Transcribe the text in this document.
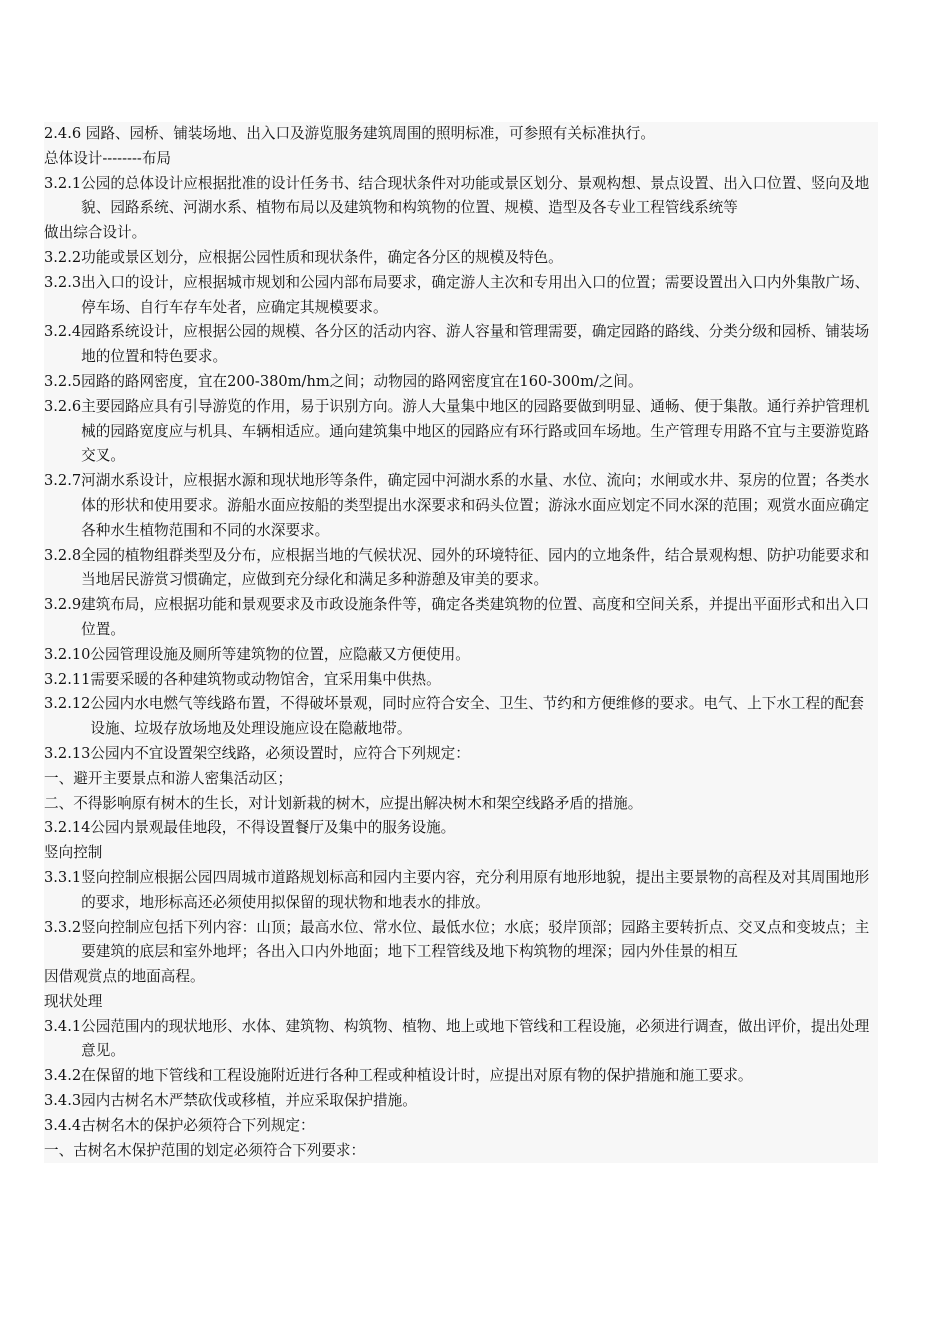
2.4.6 园路、园桥、铺装场地、出入口及游览服务建筑周围的照明标准，可参照有关标准执行。
总体设计--------布局
3.2.1 公园的总体设计应根据批准的设计任务书、结合现状条件对功能或景区划分、景观构想、景点设置、出入口位置、竖向及地貌、园路系统、河湖水系、植物布局以及建筑物和构筑物的位置、规模、造型及各专业工程管线系统等
做出综合设计。
3.2.2 功能或景区划分，应根据公园性质和现状条件，确定各分区的规模及特色。
3.2.3 出入口的设计，应根据城市规划和公园内部布局要求，确定游人主次和专用出入口的位置；需要设置出入口内外集散广场、停车场、自行车存车处者，应确定其规模要求。
3.2.4 园路系统设计，应根据公园的规模、各分区的活动内容、游人容量和管理需要，确定园路的路线、分类分级和园桥、铺装场地的位置和特色要求。
3.2.5 园路的路网密度，宜在200-380m/hm之间；动物园的路网密度宜在160-300m/之间。
3.2.6 主要园路应具有引导游览的作用，易于识别方向。游人大量集中地区的园路要做到明显、通畅、便于集散。通行养护管理机械的园路宽度应与机具、车辆相适应。通向建筑集中地区的园路应有环行路或回车场地。生产管理专用路不宜与主要游览路交叉。
3.2.7 河湖水系设计，应根据水源和现状地形等条件，确定园中河湖水系的水量、水位、流向；水闸或水井、泵房的位置；各类水体的形状和使用要求。游船水面应按船的类型提出水深要求和码头位置；游泳水面应划定不同水深的范围；观赏水面应确定各种水生植物范围和不同的水深要求。
3.2.8 全园的植物组群类型及分布，应根据当地的气候状况、园外的环境特征、园内的立地条件，结合景观构想、防护功能要求和当地居民游赏习惯确定，应做到充分绿化和满足多种游憩及审美的要求。
3.2.9 建筑布局，应根据功能和景观要求及市政设施条件等，确定各类建筑物的位置、高度和空间关系，并提出平面形式和出入口位置。
3.2.10 公园管理设施及厕所等建筑物的位置，应隐蔽又方便使用。
3.2.11 需要采暖的各种建筑物或动物馆舍，宜采用集中供热。
3.2.12 公园内水电燃气等线路布置，不得破坏景观，同时应符合安全、卫生、节约和方便维修的要求。电气、上下水工程的配套设施、垃圾存放场地及处理设施应设在隐蔽地带。
3.2.13 公园内不宜设置架空线路，必须设置时，应符合下列规定：
一、避开主要景点和游人密集活动区；
二、不得影响原有树木的生长，对计划新栽的树木，应提出解决树木和架空线路矛盾的措施。
3.2.14 公园内景观最佳地段，不得设置餐厅及集中的服务设施。
竖向控制
3.3.1 竖向控制应根据公园四周城市道路规划标高和园内主要内容，充分利用原有地形地貌，提出主要景物的高程及对其周围地形的要求，地形标高还必须使用拟保留的现状物和地表水的排放。
3.3.2 竖向控制应包括下列内容：山顶；最高水位、常水位、最低水位；水底；驳岸顶部；园路主要转折点、交叉点和变坡点；主要建筑的底层和室外地坪；各出入口内外地面；地下工程管线及地下构筑物的埋深；园内外佳景的相互
因借观赏点的地面高程。
现状处理
3.4.1 公园范围内的现状地形、水体、建筑物、构筑物、植物、地上或地下管线和工程设施，必须进行调查，做出评价，提出处理意见。
3.4.2 在保留的地下管线和工程设施附近进行各种工程或种植设计时，应提出对原有物的保护措施和施工要求。
3.4.3 园内古树名木严禁砍伐或移植，并应采取保护措施。
3.4.4 古树名木的保护必须符合下列规定：
一、古树名木保护范围的划定必须符合下列要求：
